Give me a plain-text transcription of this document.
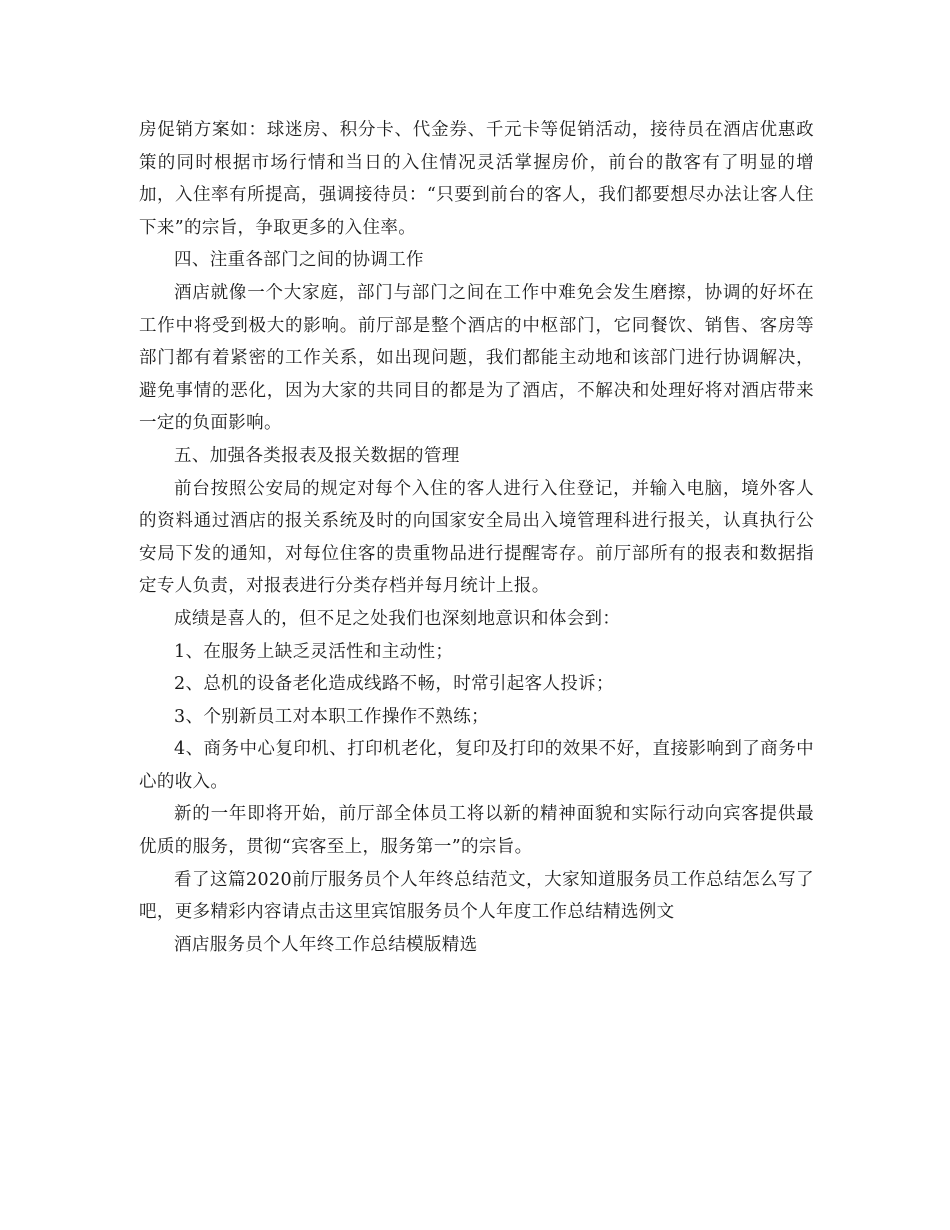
房促销方案如：球迷房、积分卡、代金券、千元卡等促销活动，接待员在酒店优惠政策的同时根据市场行情和当日的入住情况灵活掌握房价，前台的散客有了明显的增加，入住率有所提高，强调接待员：“只要到前台的客人，我们都要想尽办法让客人住下来”的宗旨，争取更多的入住率。

四、注重各部门之间的协调工作

酒店就像一个大家庭，部门与部门之间在工作中难免会发生磨擦，协调的好坏在工作中将受到极大的影响。前厅部是整个酒店的中枢部门，它同餐饮、销售、客房等部门都有着紧密的工作关系，如出现问题，我们都能主动地和该部门进行协调解决，避免事情的恶化，因为大家的共同目的都是为了酒店，不解决和处理好将对酒店带来一定的负面影响。

五、加强各类报表及报关数据的管理

前台按照公安局的规定对每个入住的客人进行入住登记，并输入电脑，境外客人的资料通过酒店的报关系统及时的向国家安全局出入境管理科进行报关，认真执行公安局下发的通知，对每位住客的贵重物品进行提醒寄存。前厅部所有的报表和数据指定专人负责，对报表进行分类存档并每月统计上报。

成绩是喜人的，但不足之处我们也深刻地意识和体会到：

1、在服务上缺乏灵活性和主动性；

2、总机的设备老化造成线路不畅，时常引起客人投诉；

3、个别新员工对本职工作操作不熟练；

4、商务中心复印机、打印机老化，复印及打印的效果不好，直接影响到了商务中心的收入。

新的一年即将开始，前厅部全体员工将以新的精神面貌和实际行动向宾客提供最优质的服务，贯彻“宾客至上，服务第一”的宗旨。

看了这篇2020前厅服务员个人年终总结范文，大家知道服务员工作总结怎么写了吧，更多精彩内容请点击这里宾馆服务员个人年度工作总结精选例文

酒店服务员个人年终工作总结模版精选
